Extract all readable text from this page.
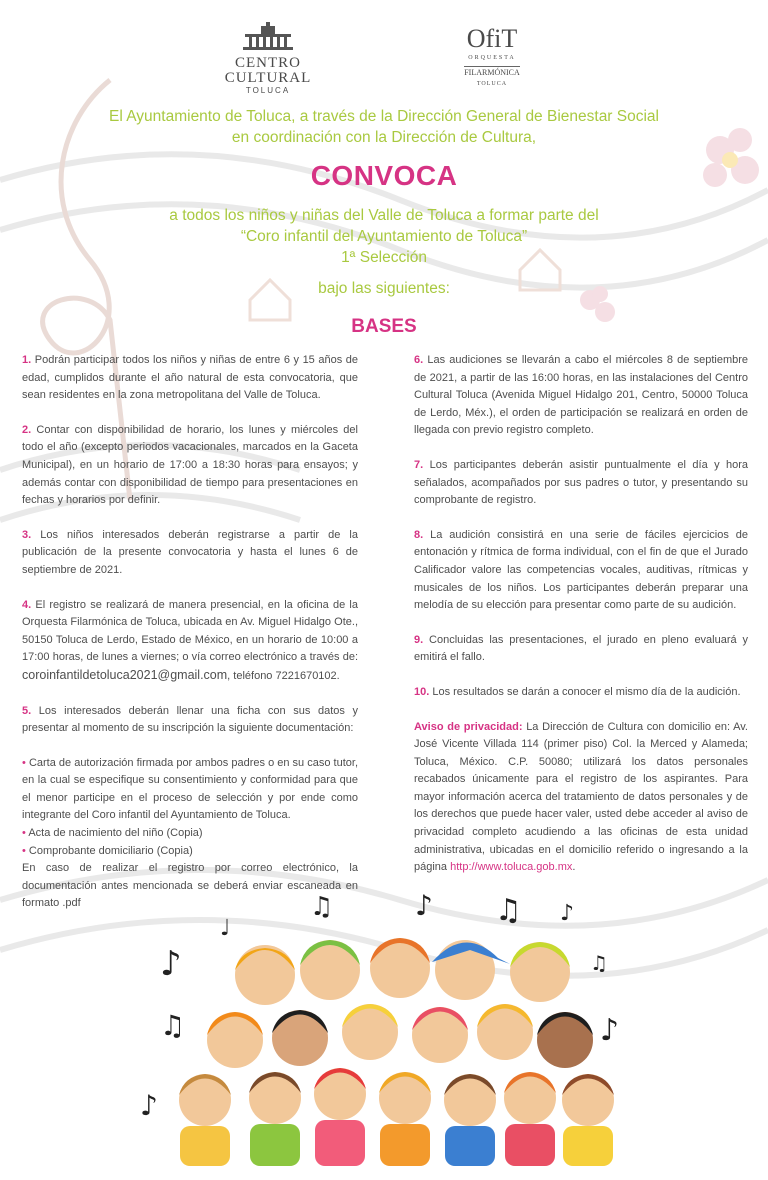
CENTRO
CULTURAL
TOLUCA
OfiT
ORQUESTA
FILARMÓNICA
TOLUCA
El Ayuntamiento de Toluca, a través de la Dirección General de Bienestar Social
en coordinación con la Dirección de Cultura,
CONVOCA
a todos los niños y niñas del Valle de Toluca a formar parte del
“Coro infantil del Ayuntamiento de Toluca”
1ª Selección
bajo las siguientes:
BASES

1. Podrán participar todos los niños y niñas de entre 6 y 15 años de edad, cumplidos durante el año natural de esta convocatoria, que sean residentes en la zona metropolitana del Valle de Toluca.

2. Contar con disponibilidad de horario, los lunes y miércoles del todo el año (excepto periodos vacacionales, marcados en la Gaceta Municipal), en un horario de 17:00 a 18:30 horas para ensayos; y además contar con disponibilidad de tiempo para presentaciones en fechas y horarios por definir.

3. Los niños interesados deberán registrarse a partir de la publicación de la presente convocatoria y hasta el lunes 6 de septiembre de 2021.

4. El registro se realizará de manera presencial, en la oficina de la Orquesta Filarmónica de Toluca, ubicada en Av. Miguel Hidalgo Ote., 50150 Toluca de Lerdo, Estado de México, en un horario de 10:00 a 17:00 horas, de lunes a viernes; o vía correo electrónico a través de: coroinfantildetoluca2021@gmail.com, teléfono 7221670102.

5. Los interesados deberán llenar una ficha con sus datos y presentar al momento de su inscripción la siguiente documentación:

• Carta de autorización firmada por ambos padres o en su caso tutor, en la cual se especifique su consentimiento y conformidad para que el menor participe en el proceso de selección y por ende como integrante del Coro infantil del Ayuntamiento de Toluca.

• Acta de nacimiento del niño (Copia)

• Comprobante domiciliario (Copia)

En caso de realizar el registro por correo electrónico, la documentación antes mencionada se deberá enviar escaneada en formato .pdf

6. Las audiciones se llevarán a cabo el miércoles 8 de septiembre de 2021, a partir de las 16:00 horas, en las instalaciones del Centro Cultural Toluca (Avenida Miguel Hidalgo 201, Centro, 50000 Toluca de Lerdo, Méx.), el orden de participación se realizará en orden de llegada con previo registro completo.

7. Los participantes deberán asistir puntualmente el día y hora señalados, acompañados por sus padres o tutor, y presentando su comprobante de registro.

8. La audición consistirá en una serie de fáciles ejercicios de entonación y rítmica de forma individual, con el fin de que el Jurado Calificador valore las competencias vocales, auditivas, rítmicas y musicales de los niños. Los participantes deberán preparar una melodía de su elección para presentar como parte de su audición.

9. Concluidas las presentaciones, el jurado en pleno evaluará y emitirá el fallo.

10. Los resultados se darán a conocer el mismo día de la audición.

Aviso de privacidad: La Dirección de Cultura con domicilio en: Av. José Vicente Villada 114 (primer piso) Col. la Merced y Alameda; Toluca, México. C.P. 50080; utilizará los datos personales recabados únicamente para el registro de los aspirantes. Para mayor información acerca del tratamiento de datos personales y de los derechos que puede hacer valer, usted debe acceder al aviso de privacidad completo acudiendo a las oficinas de esta unidad administrativa, ubicadas en el domicilio referido o ingresando a la página http://www.toluca.gob.mx.

♪
♩
♫	♪ ♫ ♪
♫
♫	♪
♪
